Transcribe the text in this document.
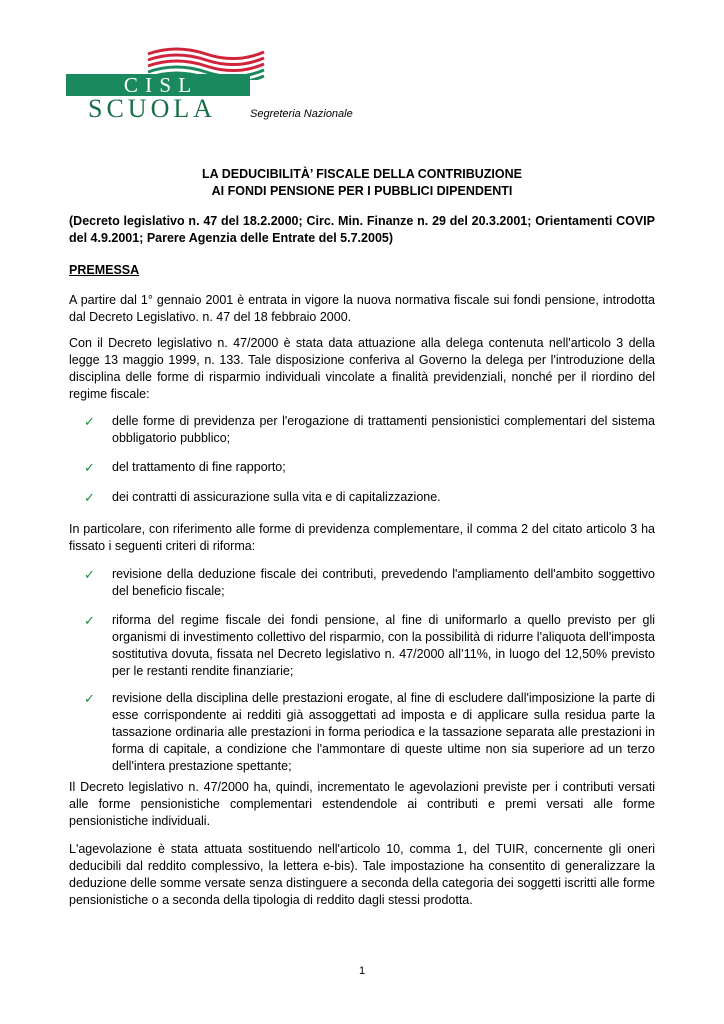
C I S L
SCUOLA	Segreteria Nazionale
LA DEDUCIBILITÀ’ FISCALE DELLA CONTRIBUZIONE
AI FONDI PENSIONE PER I PUBBLICI DIPENDENTI
(Decreto legislativo n. 47 del 18.2.2000; Circ. Min. Finanze n. 29 del 20.3.2001; Orientamenti COVIP del 4.9.2001; Parere Agenzia delle Entrate del 5.7.2005)
PREMESSA
A partire dal 1° gennaio 2001 è entrata in vigore la nuova normativa fiscale sui fondi pensione, introdotta dal Decreto Legislativo. n. 47 del 18 febbraio 2000.
Con il Decreto legislativo n. 47/2000 è stata data attuazione alla delega contenuta nell'articolo 3 della legge 13 maggio 1999, n. 133. Tale disposizione conferiva al Governo la delega per l'introduzione della disciplina delle forme di risparmio individuali vincolate a finalità previdenziali, nonché per il riordino del regime fiscale:
✓ delle forme di previdenza per l'erogazione di trattamenti pensionistici complementari del sistema obbligatorio pubblico;
✓ del trattamento di fine rapporto;
✓ dei contratti di assicurazione sulla vita e di capitalizzazione.
In particolare, con riferimento alle forme di previdenza complementare, il comma 2 del citato articolo 3 ha fissato i seguenti criteri di riforma:
✓ revisione della deduzione fiscale dei contributi, prevedendo l'ampliamento dell'ambito soggettivo del beneficio fiscale;
✓ riforma del regime fiscale dei fondi pensione, al fine di uniformarlo a quello previsto per gli organismi di investimento collettivo del risparmio, con la possibilità di ridurre l'aliquota dell'imposta sostitutiva dovuta, fissata nel Decreto legislativo n. 47/2000 all’11%, in luogo del 12,50% previsto per le restanti rendite finanziarie;
✓ revisione della disciplina delle prestazioni erogate, al fine di escludere dall'imposizione la parte di esse corrispondente ai redditi già assoggettati ad imposta e di applicare sulla residua parte la tassazione ordinaria alle prestazioni in forma periodica e la tassazione separata alle prestazioni in forma di capitale, a condizione che l'ammontare di queste ultime non sia superiore ad un terzo dell'intera prestazione spettante;
Il Decreto legislativo n. 47/2000 ha, quindi, incrementato le agevolazioni previste per i contributi versati alle forme pensionistiche complementari estendendole ai contributi e premi versati alle forme pensionistiche individuali.
L'agevolazione è stata attuata sostituendo nell'articolo 10, comma 1, del TUIR, concernente gli oneri deducibili dal reddito complessivo, la lettera e-bis). Tale impostazione ha consentito di generalizzare la deduzione delle somme versate senza distinguere a seconda della categoria dei soggetti iscritti alle forme pensionistiche o a seconda della tipologia di reddito dagli stessi prodotta.
1
